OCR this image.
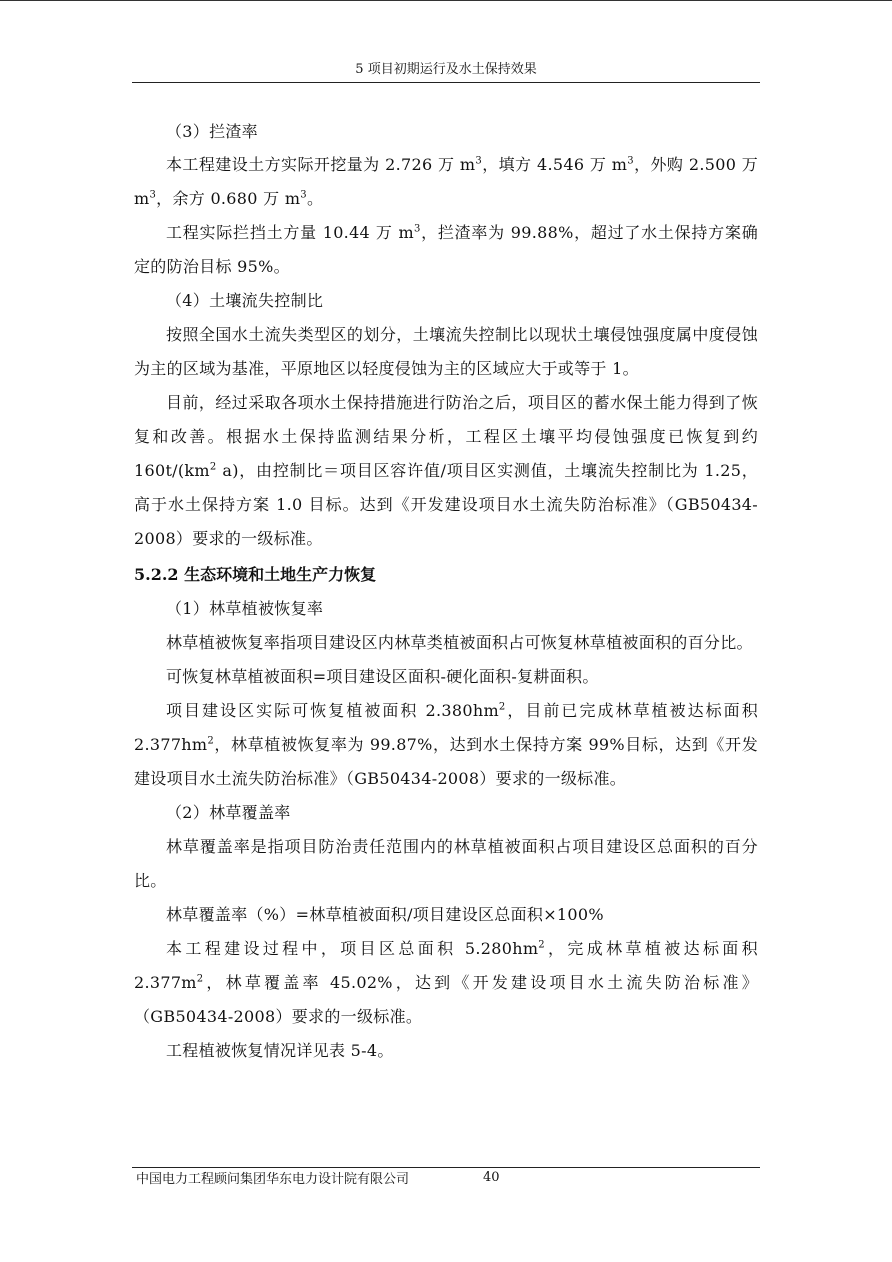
5 项目初期运行及水土保持效果

（3）拦渣率

本工程建设土方实际开挖量为 2.726 万 $m^3$，填方 4.546 万 $m^3$，外购 2.500 万 $m^3$，余方 0.680 万 $m^3$。

工程实际拦挡土方量 10.44 万 $m^3$，拦渣率为 99.88%，超过了水土保持方案确定的防治目标 95%。

（4）土壤流失控制比

按照全国水土流失类型区的划分，土壤流失控制比以现状土壤侵蚀强度属中度侵蚀为主的区域为基准，平原地区以轻度侵蚀为主的区域应大于或等于 1。

目前，经过采取各项水土保持措施进行防治之后，项目区的蓄水保土能力得到了恢复和改善。根据水土保持监测结果分析，工程区土壤平均侵蚀强度已恢复到约 $160t/(km^2$ a)，由控制比＝项目区容许值/项目区实测值，土壤流失控制比为 1.25，高于水土保持方案 1.0 目标。达到《开发建设项目水土流失防治标准》（GB50434-2008）要求的一级标准。

5.2.2 生态环境和土地生产力恢复

（1）林草植被恢复率

林草植被恢复率指项目建设区内林草类植被面积占可恢复林草植被面积的百分比。

可恢复林草植被面积=项目建设区面积-硬化面积-复耕面积。

项目建设区实际可恢复植被面积 $2.380hm^2$，目前已完成林草植被达标面积 $2.377hm^2$，林草植被恢复率为 99.87%，达到水土保持方案 99%目标，达到《开发建设项目水土流失防治标准》（GB50434-2008）要求的一级标准。

（2）林草覆盖率

林草覆盖率是指项目防治责任范围内的林草植被面积占项目建设区总面积的百分比。

林草覆盖率（%）=林草植被面积/项目建设区总面积×100%

本工程建设过程中，项目区总面积 $5.280hm^2$，完成林草植被达标面积 $2.377m^2$，林草覆盖率 45.02%，达到《开发建设项目水土流失防治标准》（GB50434-2008）要求的一级标准。

工程植被恢复情况详见表 5-4。

中国电力工程顾问集团华东电力设计院有限公司	40
